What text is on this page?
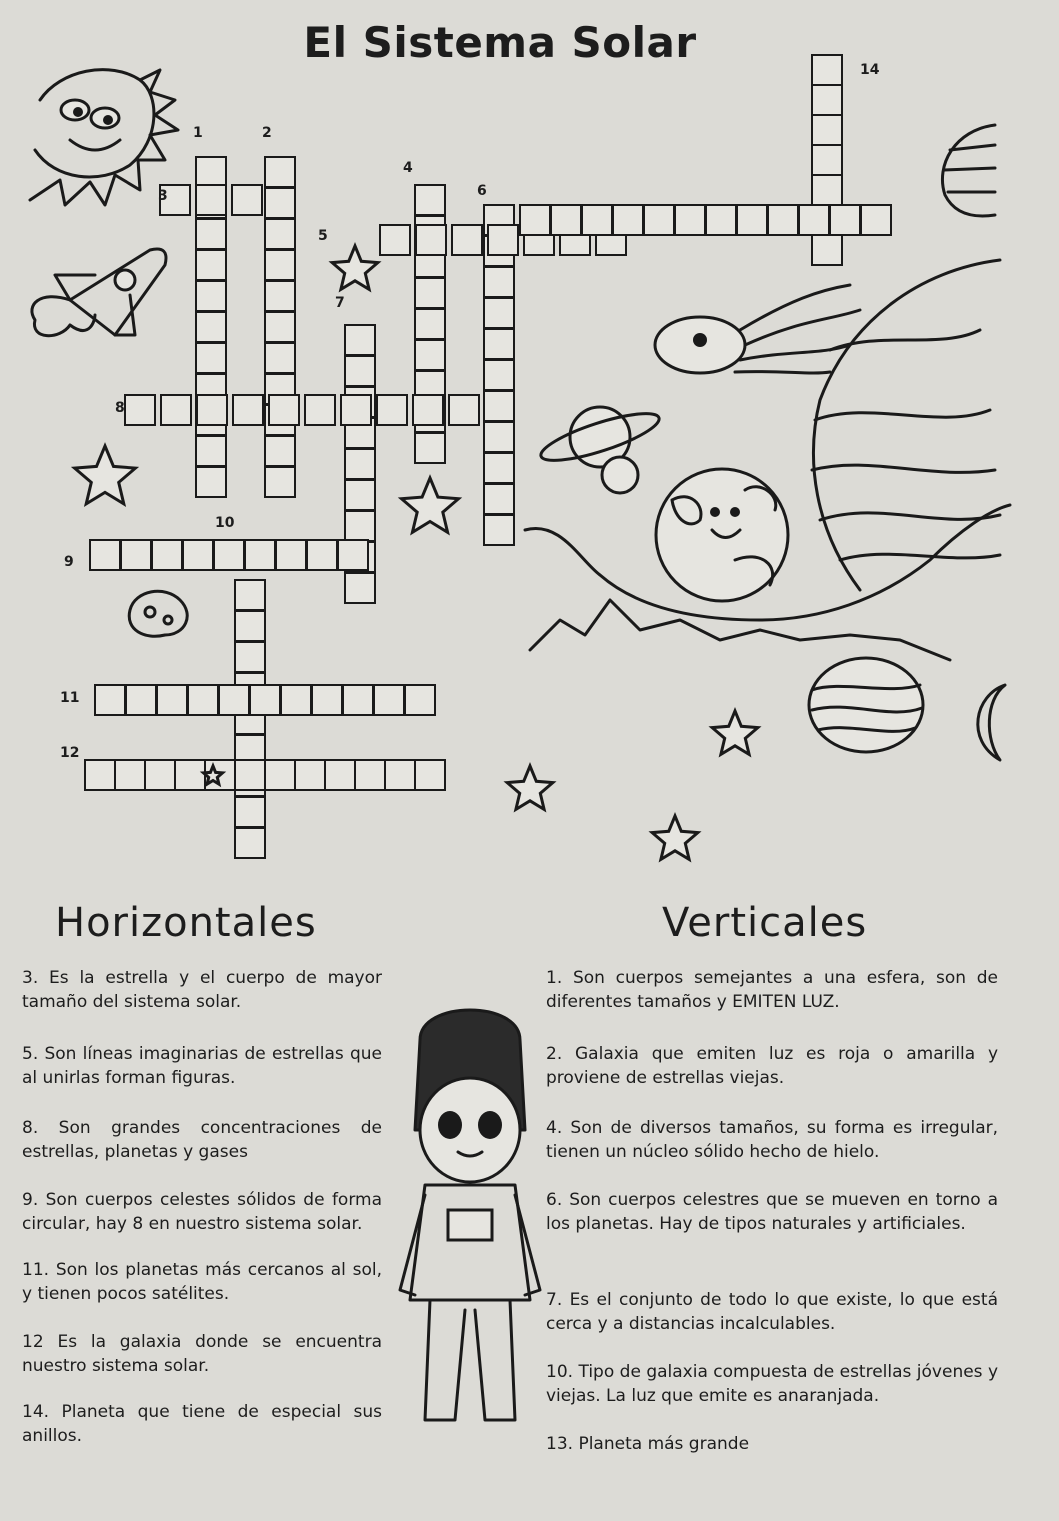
El Sistema Solar
1	2
3
4
5
6
7
8
9
10
11
12
14
Horizontales	Verticales

3. Es la estrella y el cuerpo de mayor tamaño del sistema solar.

5. Son líneas imaginarias de estrellas que al unirlas forman figuras.

8. Son grandes concentraciones de estrellas, planetas y gases

9. Son cuerpos celestes sólidos de forma circular, hay 8 en nuestro sistema solar.

11. Son los planetas más cercanos al sol, y tienen pocos satélites.

12 Es la galaxia donde se encuentra nuestro sistema solar.

14. Planeta que tiene de especial sus anillos.

1. Son cuerpos semejantes a una esfera, son de diferentes tamaños y EMITEN LUZ.

2. Galaxia que emiten luz es roja o amarilla y proviene de estrellas viejas.

4. Son de diversos tamaños, su forma es irregular, tienen un núcleo sólido hecho de hielo.

6. Son cuerpos celestres que se mueven en torno a los planetas. Hay de tipos naturales y artificiales.

7. Es el conjunto de todo lo que existe, lo que está cerca y a distancias incalculables.

10. Tipo de galaxia compuesta de estrellas jóvenes y viejas. La luz que emite es anaranjada.

13. Planeta más grande
